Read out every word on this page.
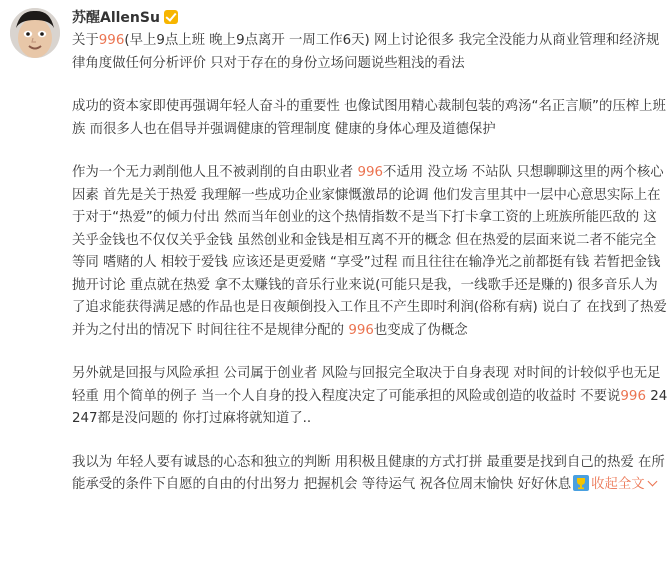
苏醒AllenSu

关于996(早上9点上班 晚上9点离开 一周工作6天) 网上讨论很多 我完全没能力从商业管理和经济规律角度做任何分析评价 只对于存在的身份立场问题说些粗浅的看法

成功的资本家即使再强调年轻人奋斗的重要性 也像试图用精心裁制包装的鸡汤“名正言顺”的压榨上班族 而很多人也在倡导并强调健康的管理制度 健康的身体心理及道德保护

作为一个无力剥削他人且不被剥削的自由职业者 996不适用 没立场 不站队 只想聊聊这里的两个核心因素 首先是关于热爱 我理解一些成功企业家慷慨激昂的论调 他们发言里其中一层中心意思实际上在于对于“热爱”的倾力付出 然而当年创业的这个热情指数不是当下打卡拿工资的上班族所能匹敌的 这关乎金钱也不仅仅关乎金钱 虽然创业和金钱是相互离不开的概念 但在热爱的层面来说二者不能完全等同 嗜赌的人 相较于爱钱 应该还是更爱赌 “享受”过程 而且往往在输净光之前都挺有钱 若暂把金钱抛开讨论 重点就在热爱 拿不太赚钱的音乐行业来说(可能只是我，一线歌手还是赚的) 很多音乐人为了追求能获得满足感的作品也是日夜颠倒投入工作且不产生即时利润(俗称有病) 说白了 在找到了热爱并为之付出的情况下 时间往往不是规律分配的 996也变成了伪概念

另外就是回报与风险承担 公司属于创业者 风险与回报完全取决于自身表现 对时间的计较似乎也无足轻重 用个简单的例子 当一个人自身的投入程度决定了可能承担的风险或创造的收益时 不要说996 24247都是没问题的 你打过麻将就知道了..

我以为 年轻人要有诚恳的心态和独立的判断 用积极且健康的方式打拼 最重要是找到自己的热爱 在所能承受的条件下自愿的自由的付出努力 把握机会 等待运气 祝各位周末愉快 好好休息 收起全文
